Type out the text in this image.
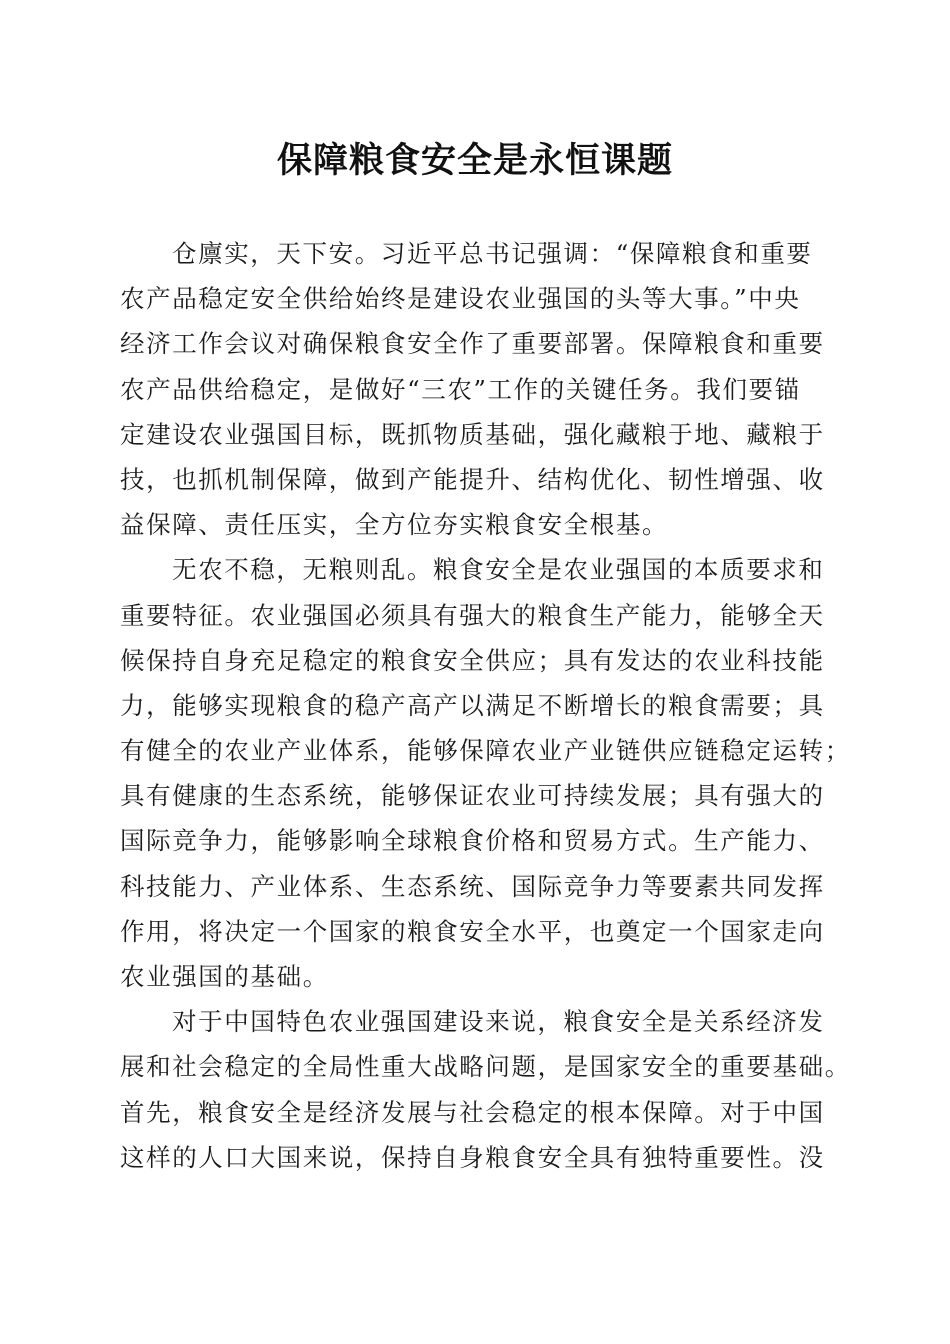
保障粮食安全是永恒课题
仓廪实，天下安。习近平总书记强调：“保障粮食和重要
农产品稳定安全供给始终是建设农业强国的头等大事。”中央
经济工作会议对确保粮食安全作了重要部署。保障粮食和重要
农产品供给稳定，是做好“三农”工作的关键任务。我们要锚
定建设农业强国目标，既抓物质基础，强化藏粮于地、藏粮于
技，也抓机制保障，做到产能提升、结构优化、韧性增强、收
益保障、责任压实，全方位夯实粮食安全根基。
无农不稳，无粮则乱。粮食安全是农业强国的本质要求和
重要特征。农业强国必须具有强大的粮食生产能力，能够全天
候保持自身充足稳定的粮食安全供应；具有发达的农业科技能
力，能够实现粮食的稳产高产以满足不断增长的粮食需要；具
有健全的农业产业体系，能够保障农业产业链供应链稳定运转；
具有健康的生态系统，能够保证农业可持续发展；具有强大的
国际竞争力，能够影响全球粮食价格和贸易方式。生产能力、
科技能力、产业体系、生态系统、国际竞争力等要素共同发挥
作用，将决定一个国家的粮食安全水平，也奠定一个国家走向
农业强国的基础。
对于中国特色农业强国建设来说，粮食安全是关系经济发
展和社会稳定的全局性重大战略问题，是国家安全的重要基础。
首先，粮食安全是经济发展与社会稳定的根本保障。对于中国
这样的人口大国来说，保持自身粮食安全具有独特重要性。没
